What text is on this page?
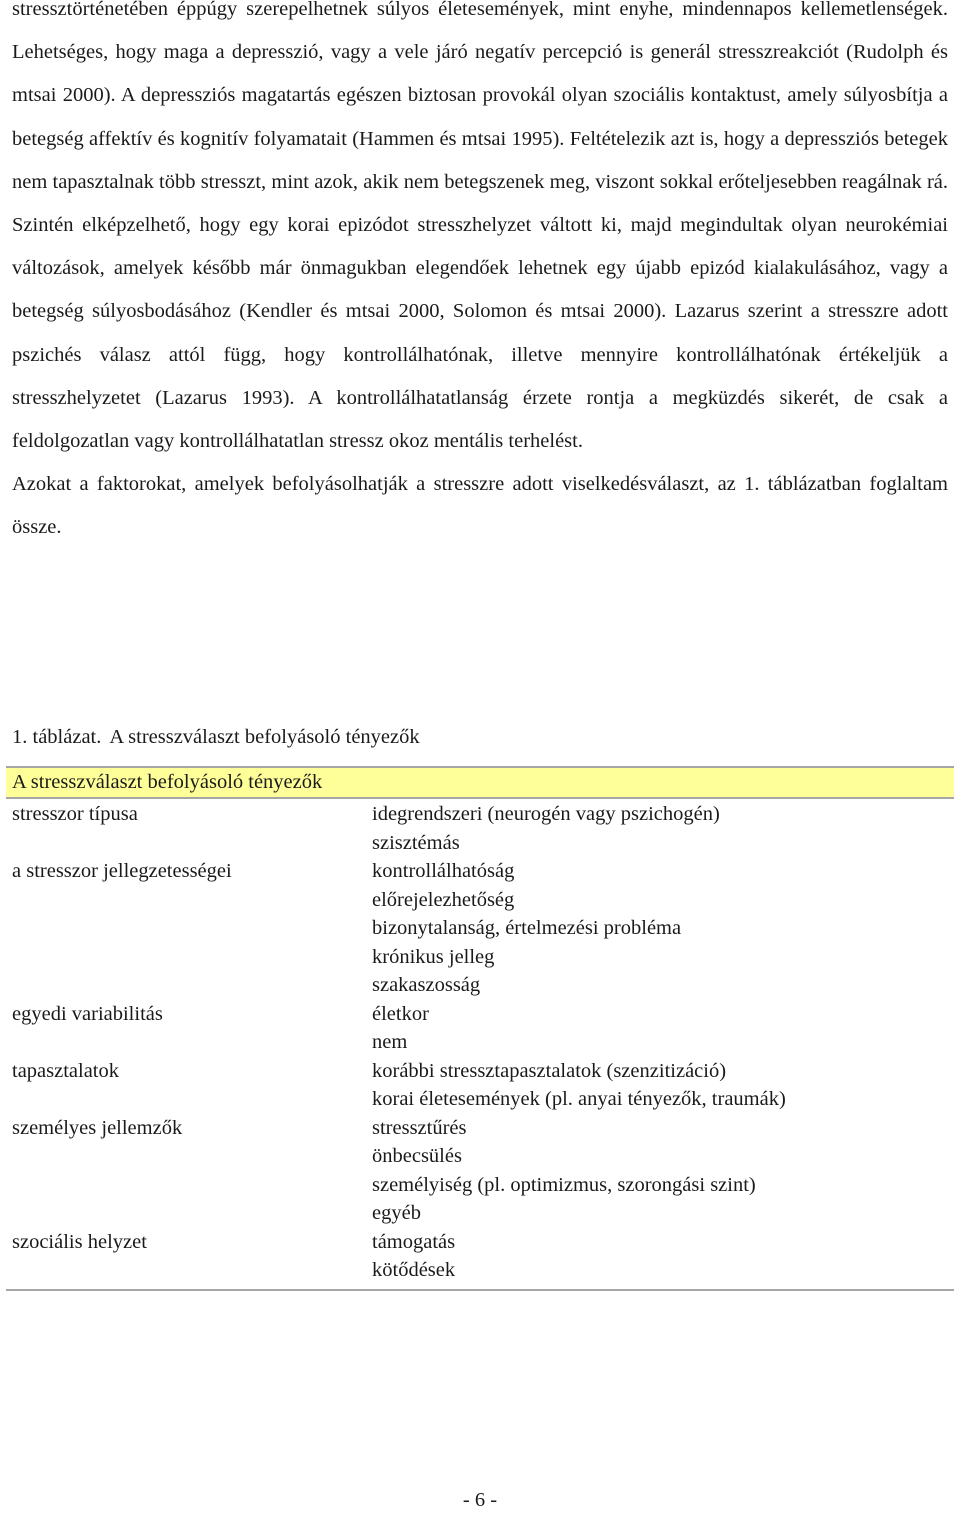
stressztörténetében éppúgy szerepelhetnek súlyos életesemények, mint enyhe, mindennapos kellemetlenségek. Lehetséges, hogy maga a depresszió, vagy a vele járó negatív percepció is generál stresszreakciót (Rudolph és mtsai 2000). A depressziós magatartás egészen biztosan provokál olyan szociális kontaktust, amely súlyosbítja a betegség affektív és kognitív folyamatait (Hammen és mtsai 1995). Feltételezik azt is, hogy a depressziós betegek nem tapasztalnak több stresszt, mint azok, akik nem betegszenek meg, viszont sokkal erőteljesebben reagálnak rá. Szintén elképzelhető, hogy egy korai epizódot stresszhelyzet váltott ki, majd megindultak olyan neurokémiai változások, amelyek később már önmagukban elegendőek lehetnek egy újabb epizód kialakulásához, vagy a betegség súlyosbodásához (Kendler és mtsai 2000, Solomon és mtsai 2000). Lazarus szerint a stresszre adott pszichés válasz attól függ, hogy kontrollálhatónak, illetve mennyire kontrollálhatónak értékeljük a stresszhelyzetet (Lazarus 1993). A kontrollálhatatlanság érzete rontja a megküzdés sikerét, de csak a feldolgozatlan vagy kontrollálhatatlan stressz okoz mentális terhelést.

Azokat a faktorokat, amelyek befolyásolhatják a stresszre adott viselkedésválaszt, az 1. táblázatban foglaltam össze.

1. táblázat. A stresszválaszt befolyásoló tényezők
A stresszválaszt befolyásoló tényezők
stresszor típusa	idegrendszeri (neurogén vagy pszichogén)
szisztémás
a stresszor jellegzetességei	kontrollálhatóság
előrejelezhetőség
bizonytalanság, értelmezési probléma
krónikus jelleg
szakaszosság
egyedi variabilitás	életkor
nem
tapasztalatok	korábbi stressztapasztalatok (szenzitizáció)
korai életesemények (pl. anyai tényezők, traumák)
személyes jellemzők	stressztűrés
önbecsülés
személyiség (pl. optimizmus, szorongási szint)
egyéb
szociális helyzet	támogatás
kötődések
- 6 -
